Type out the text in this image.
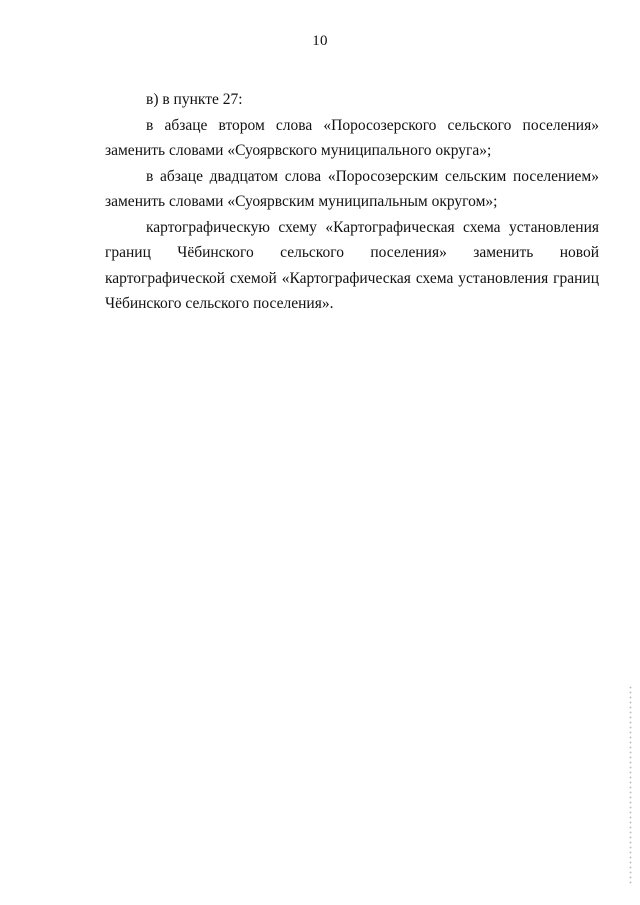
10

в) в пункте 27:

в абзаце втором слова «Поросозерского сельского поселения» заменить словами «Суоярвского муниципального округа»;

в абзаце двадцатом слова «Поросозерским сельским поселением» заменить словами «Суоярвским муниципальным округом»;

картографическую схему «Картографическая схема установления границ Чёбинского сельского поселения» заменить новой картографической схемой «Картографическая схема установления границ Чёбинского сельского поселения».
